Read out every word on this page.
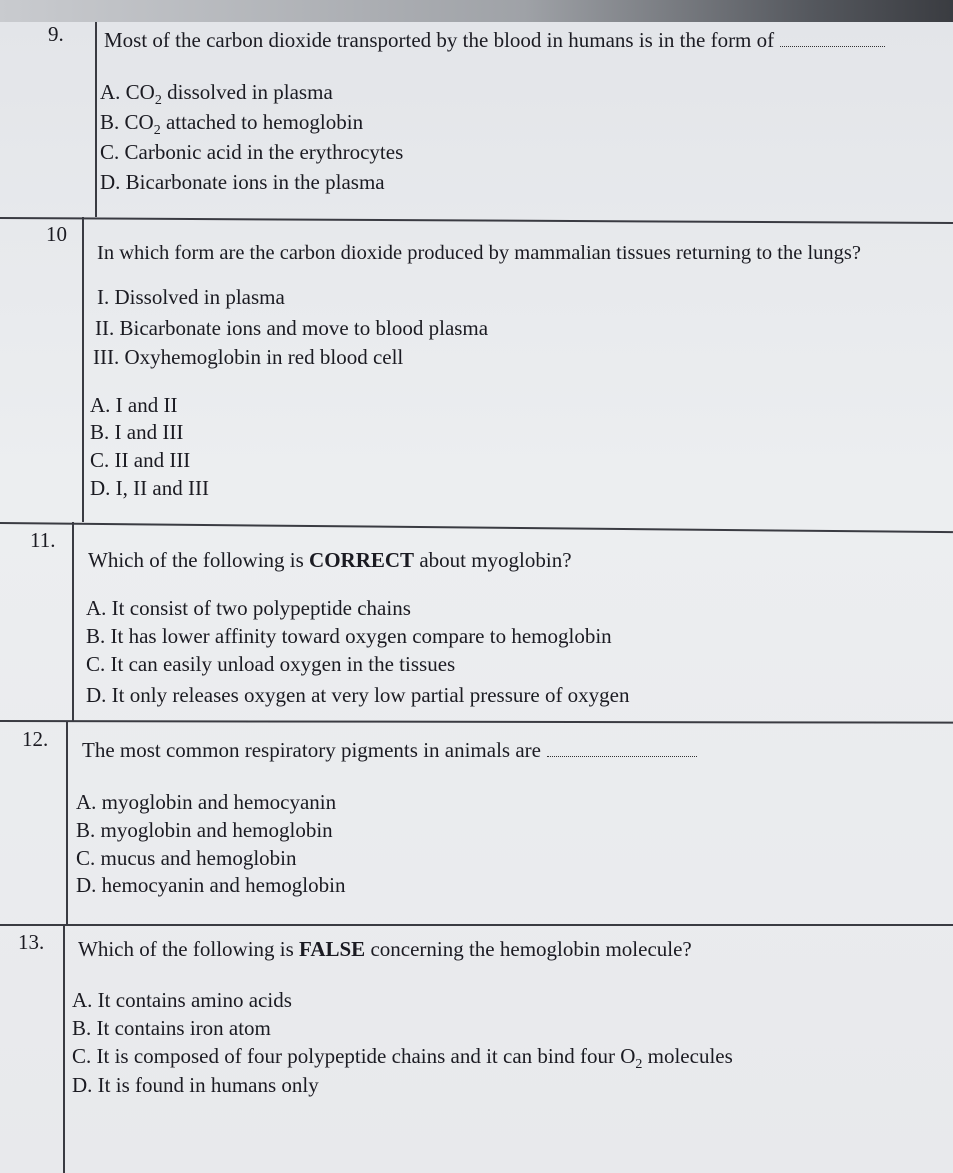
9. Most of the carbon dioxide transported by the blood in humans is in the form of
A. $CO_2$ dissolved in plasma
B. $CO_2$ attached to hemoglobin
C. Carbonic acid in the erythrocytes
D. Bicarbonate ions in the plasma
10
In which form are the carbon dioxide produced by mammalian tissues returning to the lungs?
I. Dissolved in plasma
II. Bicarbonate ions and move to blood plasma
III. Oxyhemoglobin in red blood cell
A. I and II
B. I and III
C. II and III
D. I, II and III
11.
Which of the following is CORRECT about myoglobin?
A. It consist of two polypeptide chains
B. It has lower affinity toward oxygen compare to hemoglobin
C. It can easily unload oxygen in the tissues
D. It only releases oxygen at very low partial pressure of oxygen
12. The most common respiratory pigments in animals are
A. myoglobin and hemocyanin
B. myoglobin and hemoglobin
C. mucus and hemoglobin
D. hemocyanin and hemoglobin
13. Which of the following is FALSE concerning the hemoglobin molecule?
A. It contains amino acids
B. It contains iron atom
C. It is composed of four polypeptide chains and it can bind four $O_2$ molecules
D. It is found in humans only
